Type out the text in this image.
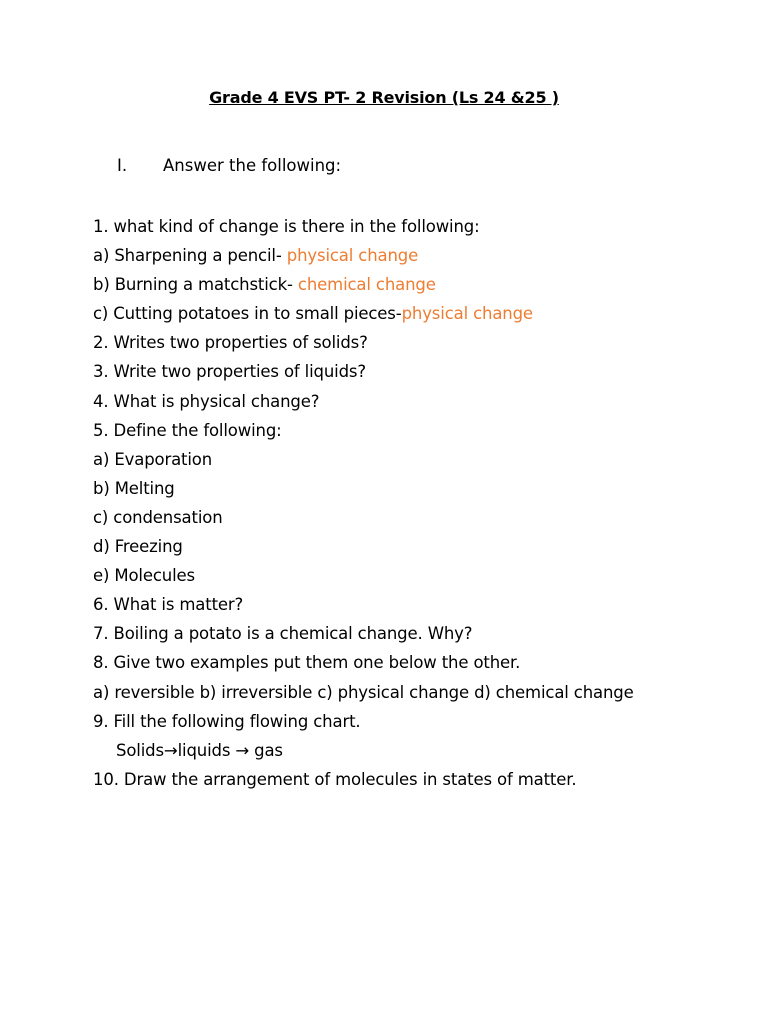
Grade 4 EVS PT- 2 Revision (Ls 24 &25 )
I. Answer the following:
1. what kind of change is there in the following:
a) Sharpening a pencil- physical change
b) Burning a matchstick- chemical change
c) Cutting potatoes in to small pieces-physical change
2. Writes two properties of solids?
3. Write two properties of liquids?
4. What is physical change?
5. Define the following:
a) Evaporation
b) Melting
c) condensation
d) Freezing
e) Molecules
6. What is matter?
7. Boiling a potato is a chemical change. Why?
8. Give two examples put them one below the other.
a) reversible b) irreversible c) physical change d) chemical change
9. Fill the following flowing chart.
Solids→liquids → gas
10. Draw the arrangement of molecules in states of matter.
